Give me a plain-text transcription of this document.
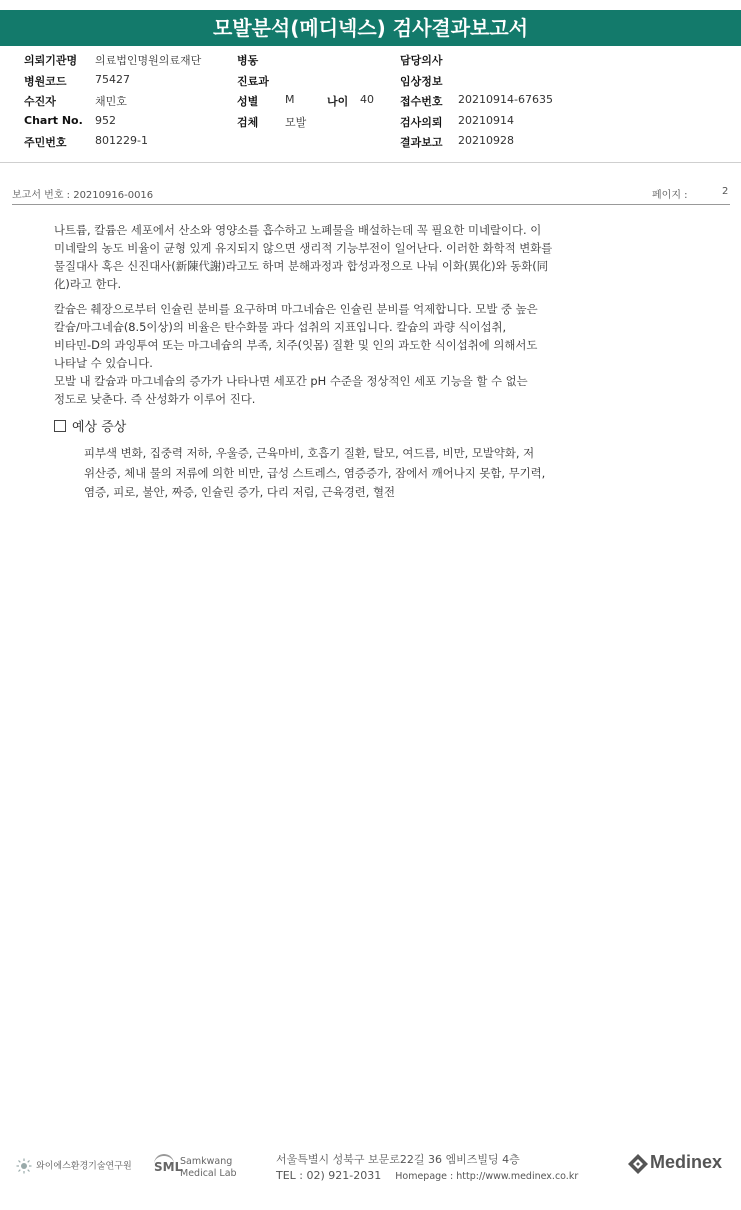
모발분석(메디넥스) 검사결과보고서
의뢰기관명 의료법인명원의료재단	병동	담당의사
병원코드	75427	진료과	임상정보
수진자	채민호	성별 M	나이 40 접수번호 20210914-67635
Chart No. 952	검체 모발	검사의뢰 20210914
주민번호	801229-1	결과보고 20210928
보고서 번호 : 20210916-0016	페이지 :	2
나트륨, 칼륨은 세포에서 산소와 영양소를 흡수하고 노폐물을 배설하는데 꼭 필요한 미네랄이다. 이
미네랄의 농도 비율이 균형 있게 유지되지 않으면 생리적 기능부전이 일어난다. 이러한 화학적 변화를
물질대사 혹은 신진대사(新陳代謝)라고도 하며 분해과정과 합성과정으로 나눠 이화(異化)와 동화(同
化)라고 한다.
칼슘은 췌장으로부터 인슐린 분비를 요구하며 마그네슘은 인슐린 분비를 억제합니다. 모발 중 높은
칼슘/마그네슘(8.5이상)의 비율은 탄수화물 과다 섭취의 지표입니다. 칼슘의 과량 식이섭취,
비타민-D의 과잉투여 또는 마그네슘의 부족, 치주(잇몸) 질환 및 인의 과도한 식이섭취에 의해서도
나타날 수 있습니다.
모발 내 칼슘과 마그네슘의 증가가 나타나면 세포간 pH 수준을 정상적인 세포 기능을 할 수 없는
정도로 낮춘다. 즉 산성화가 이루어 진다.
예상 증상
피부색 변화, 집중력 저하, 우울증, 근육마비, 호흡기 질환, 탈모, 여드름, 비만, 모발약화, 저
위산증, 체내 물의 저류에 의한 비만, 급성 스트레스, 염증증가, 잠에서 깨어나지 못함, 무기력,
염증, 피로, 불안, 짜증, 인슐린 증가, 다리 저림, 근육경련, 혈전
와이에스환경기술연구원 SML
Samkwang
Medical Lab
서울특별시 성북구 보문로22길 36 엠비즈빌딩 4층
TEL : 02) 921-2031 Homepage : http://www.medinex.co.kr
Medinex
